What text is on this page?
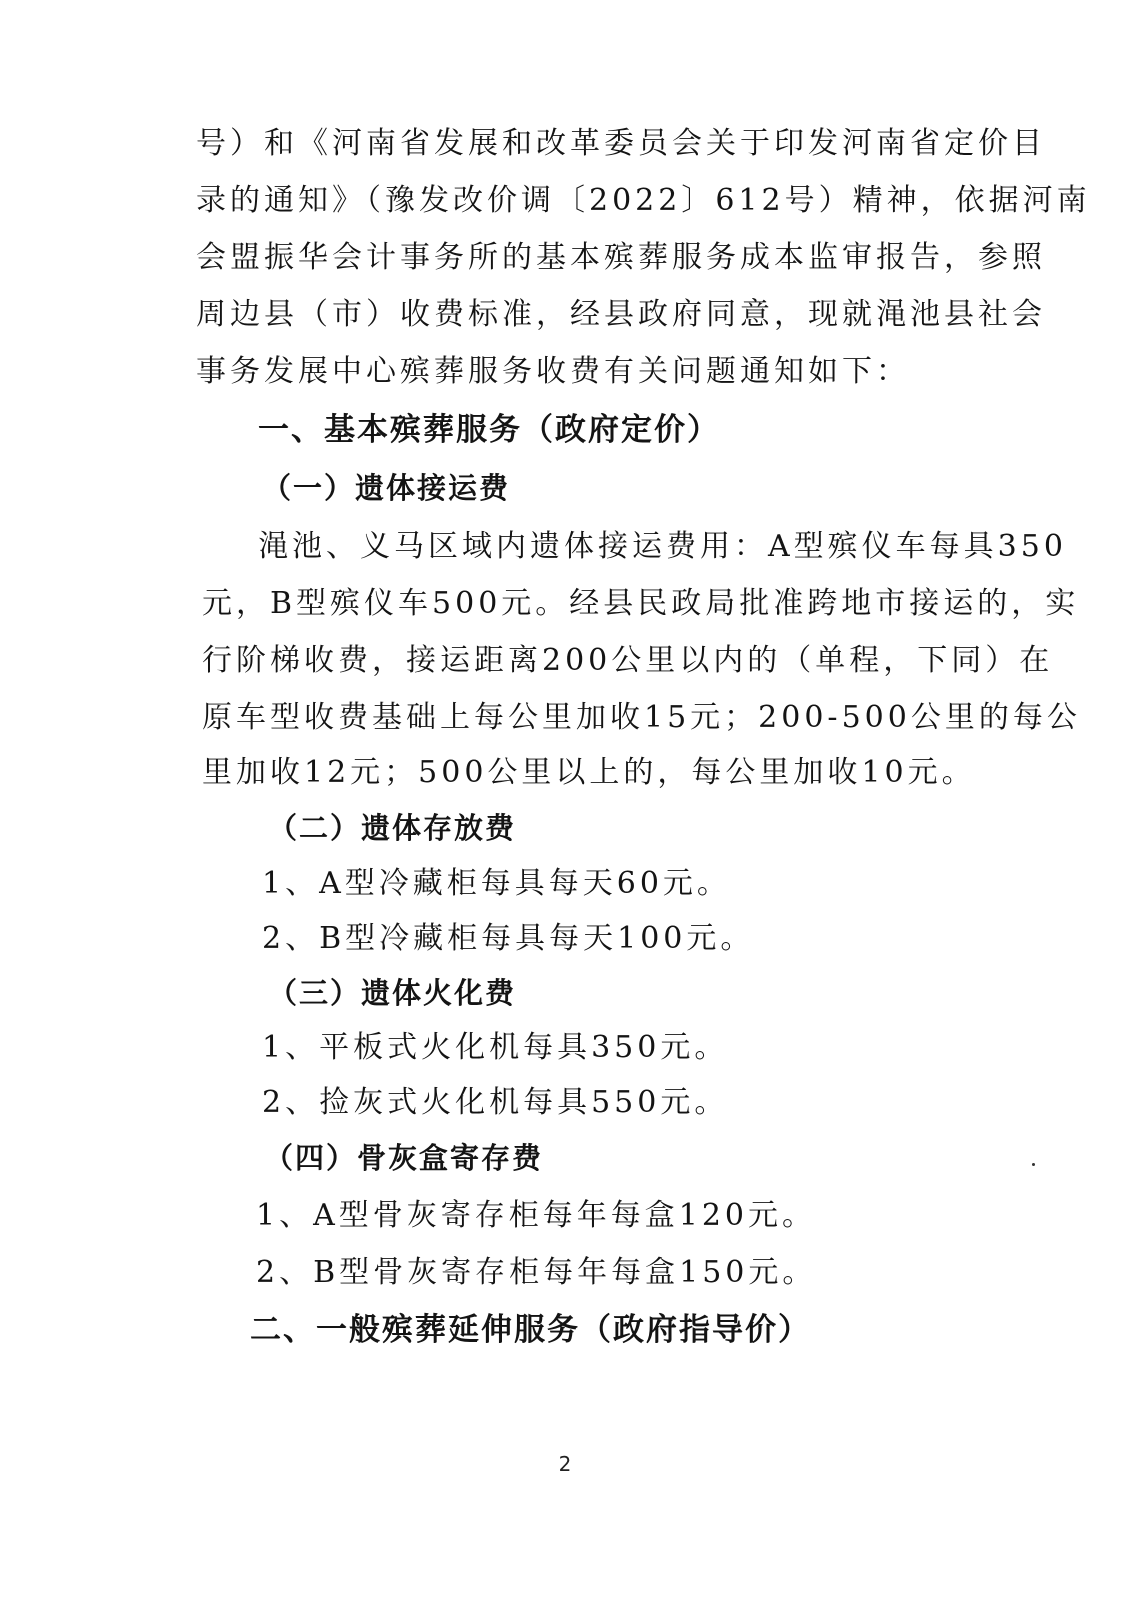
号）和《河南省发展和改革委员会关于印发河南省定价目
录的通知》（豫发改价调〔2022〕612号）精神，依据河南
会盟振华会计事务所的基本殡葬服务成本监审报告，参照
周边县（市）收费标准，经县政府同意，现就渑池县社会
事务发展中心殡葬服务收费有关问题通知如下：
一、基本殡葬服务（政府定价）
（一）遗体接运费
渑池、义马区域内遗体接运费用：A型殡仪车每具350
元，B型殡仪车500元。经县民政局批准跨地市接运的，实
行阶梯收费，接运距离200公里以内的（单程，下同）在
原车型收费基础上每公里加收15元；200-500公里的每公
里加收12元；500公里以上的，每公里加收10元。
（二）遗体存放费
1、A型冷藏柜每具每天60元。
2、B型冷藏柜每具每天100元。
（三）遗体火化费
1、平板式火化机每具350元。
2、捡灰式火化机每具550元。
（四）骨灰盒寄存费
1、A型骨灰寄存柜每年每盒120元。
2、B型骨灰寄存柜每年每盒150元。
二、一般殡葬延伸服务（政府指导价）
2
